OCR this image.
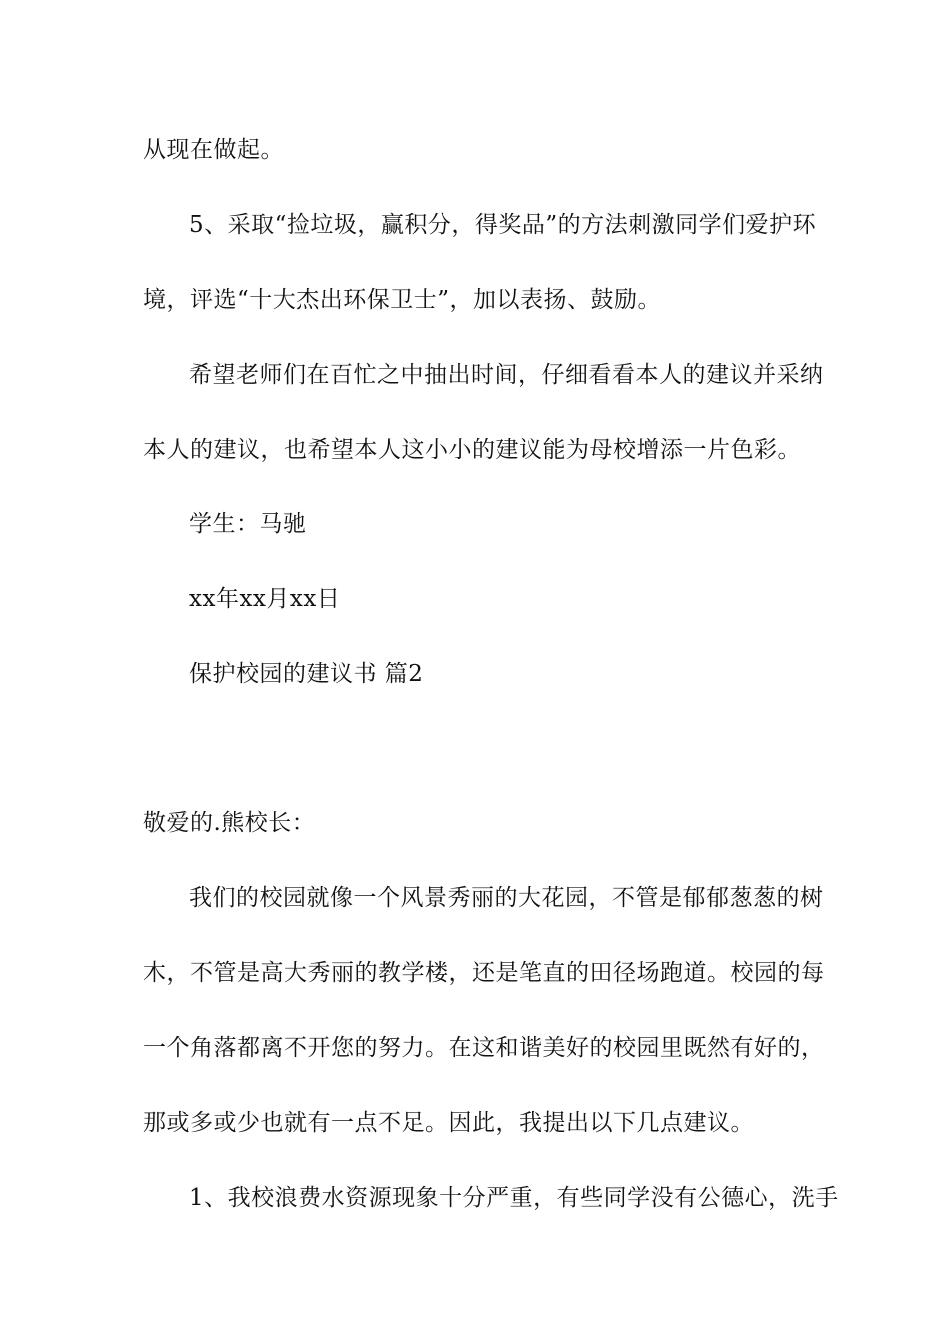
从现在做起。
5、采取“捡垃圾，赢积分，得奖品”的方法刺激同学们爱护环
境，评选“十大杰出环保卫士”，加以表扬、鼓励。
希望老师们在百忙之中抽出时间，仔细看看本人的建议并采纳
本人的建议，也希望本人这小小的建议能为母校增添一片色彩。
学生：马驰
xx年xx月xx日
保护校园的建议书 篇2
敬爱的.熊校长：
我们的校园就像一个风景秀丽的大花园，不管是郁郁葱葱的树
木，不管是高大秀丽的教学楼，还是笔直的田径场跑道。校园的每
一个角落都离不开您的努力。在这和谐美好的校园里既然有好的，
那或多或少也就有一点不足。因此，我提出以下几点建议。
1、我校浪费水资源现象十分严重，有些同学没有公德心，洗手
